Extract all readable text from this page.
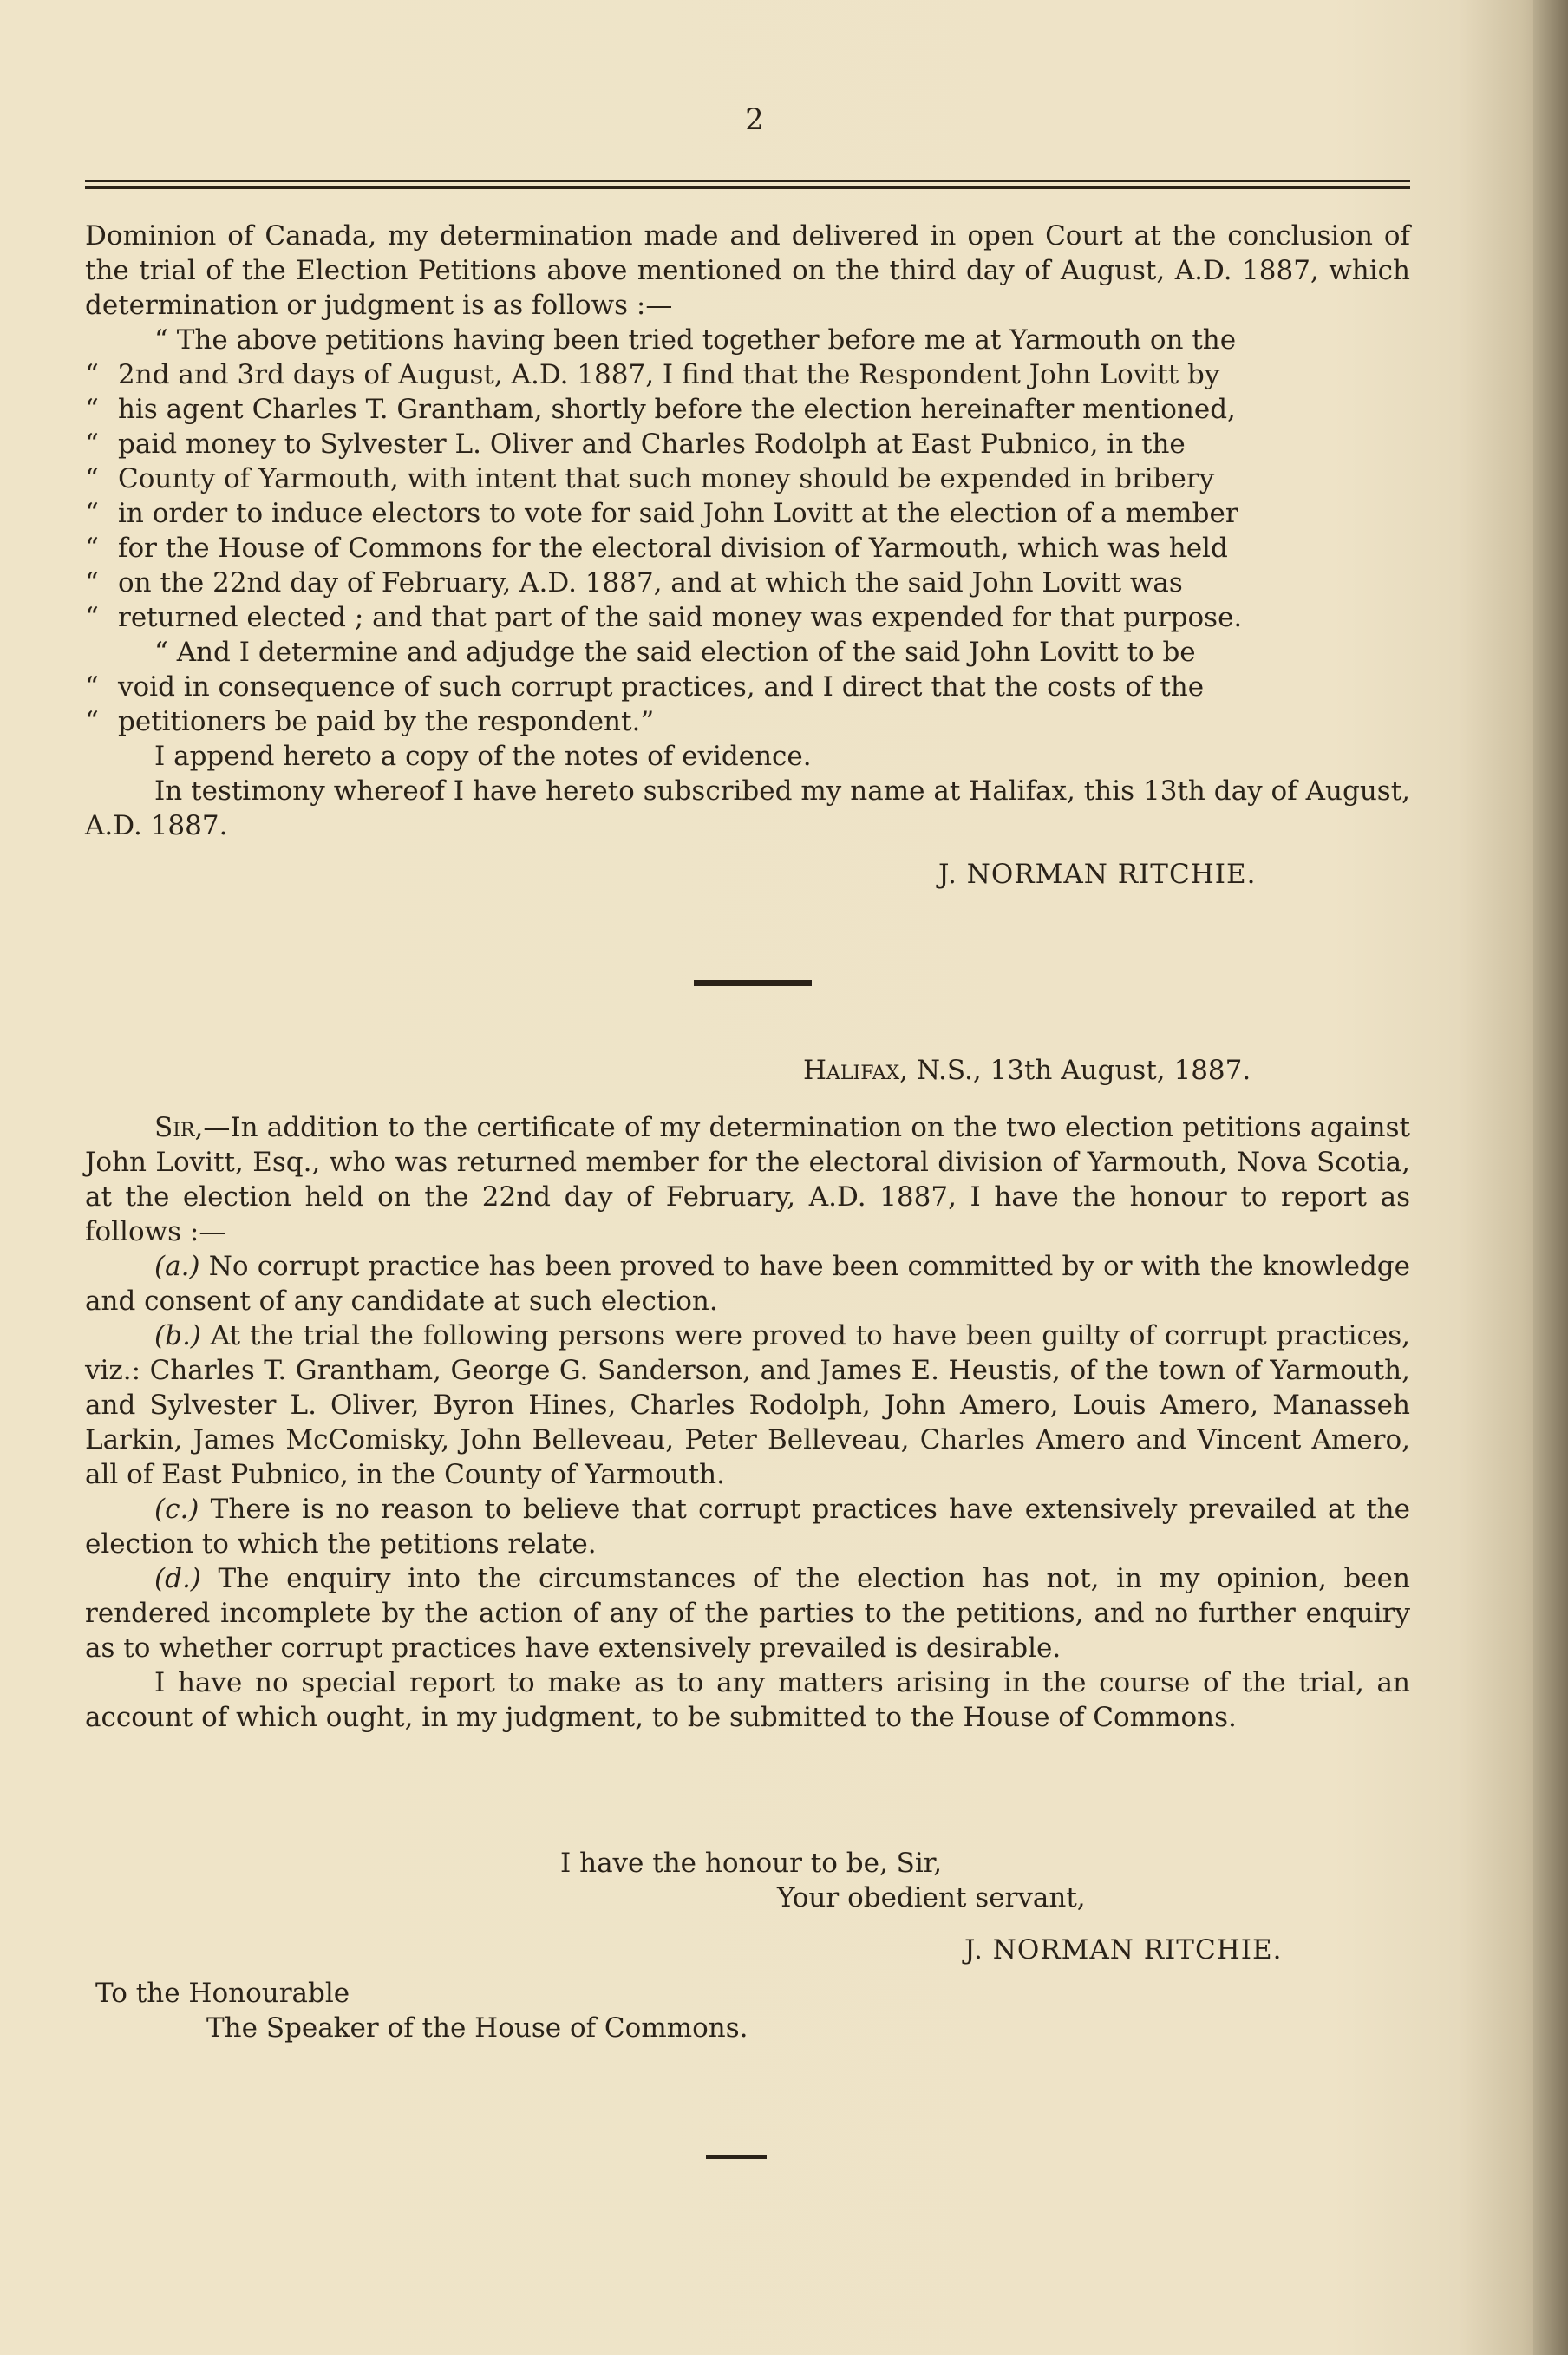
2

Dominion of Canada, my determination made and delivered in open Court at the conclusion of the trial of the Election Petitions above mentioned on the third day of August, A.D. 1887, which determination or judgment is as follows :—

“ The above petitions having been tried together before me at Yarmouth on the

“ 2nd and 3rd days of August, A.D. 1887, I find that the Respondent John Lovitt by

“ his agent Charles T. Grantham, shortly before the election hereinafter mentioned,

“ paid money to Sylvester L. Oliver and Charles Rodolph at East Pubnico, in the

“ County of Yarmouth, with intent that such money should be expended in bribery

“ in order to induce electors to vote for said John Lovitt at the election of a member

“ for the House of Commons for the electoral division of Yarmouth, which was held

“ on the 22nd day of February, A.D. 1887, and at which the said John Lovitt was

“ returned elected ; and that part of the said money was expended for that purpose.

“ And I determine and adjudge the said election of the said John Lovitt to be

“ void in consequence of such corrupt practices, and I direct that the costs of the

“ petitioners be paid by the respondent.”

I append hereto a copy of the notes of evidence.

In testimony whereof I have hereto subscribed my name at Halifax, this 13th day of August, A.D. 1887.

J. NORMAN RITCHIE.
Halifax, N.S., 13th August, 1887.

Sir,—In addition to the certificate of my determination on the two election petitions against John Lovitt, Esq., who was returned member for the electoral division of Yarmouth, Nova Scotia, at the election held on the 22nd day of February, A.D. 1887, I have the honour to report as follows :—

(a.) No corrupt practice has been proved to have been committed by or with the knowledge and consent of any candidate at such election.

(b.) At the trial the following persons were proved to have been guilty of corrupt practices, viz.: Charles T. Grantham, George G. Sanderson, and James E. Heustis, of the town of Yarmouth, and Sylvester L. Oliver, Byron Hines, Charles Rodolph, John Amero, Louis Amero, Manasseh Larkin, James McComisky, John Belleveau, Peter Belleveau, Charles Amero and Vincent Amero, all of East Pubnico, in the County of Yarmouth.

(c.) There is no reason to believe that corrupt practices have extensively prevailed at the election to which the petitions relate.

(d.) The enquiry into the circumstances of the election has not, in my opinion, been rendered incomplete by the action of any of the parties to the petitions, and no further enquiry as to whether corrupt practices have extensively prevailed is desirable.

I have no special report to make as to any matters arising in the course of the trial, an account of which ought, in my judgment, to be submitted to the House of Commons.

I have the honour to be, Sir,
Your obedient servant,
J. NORMAN RITCHIE.
To the Honourable
The Speaker of the House of Commons.
